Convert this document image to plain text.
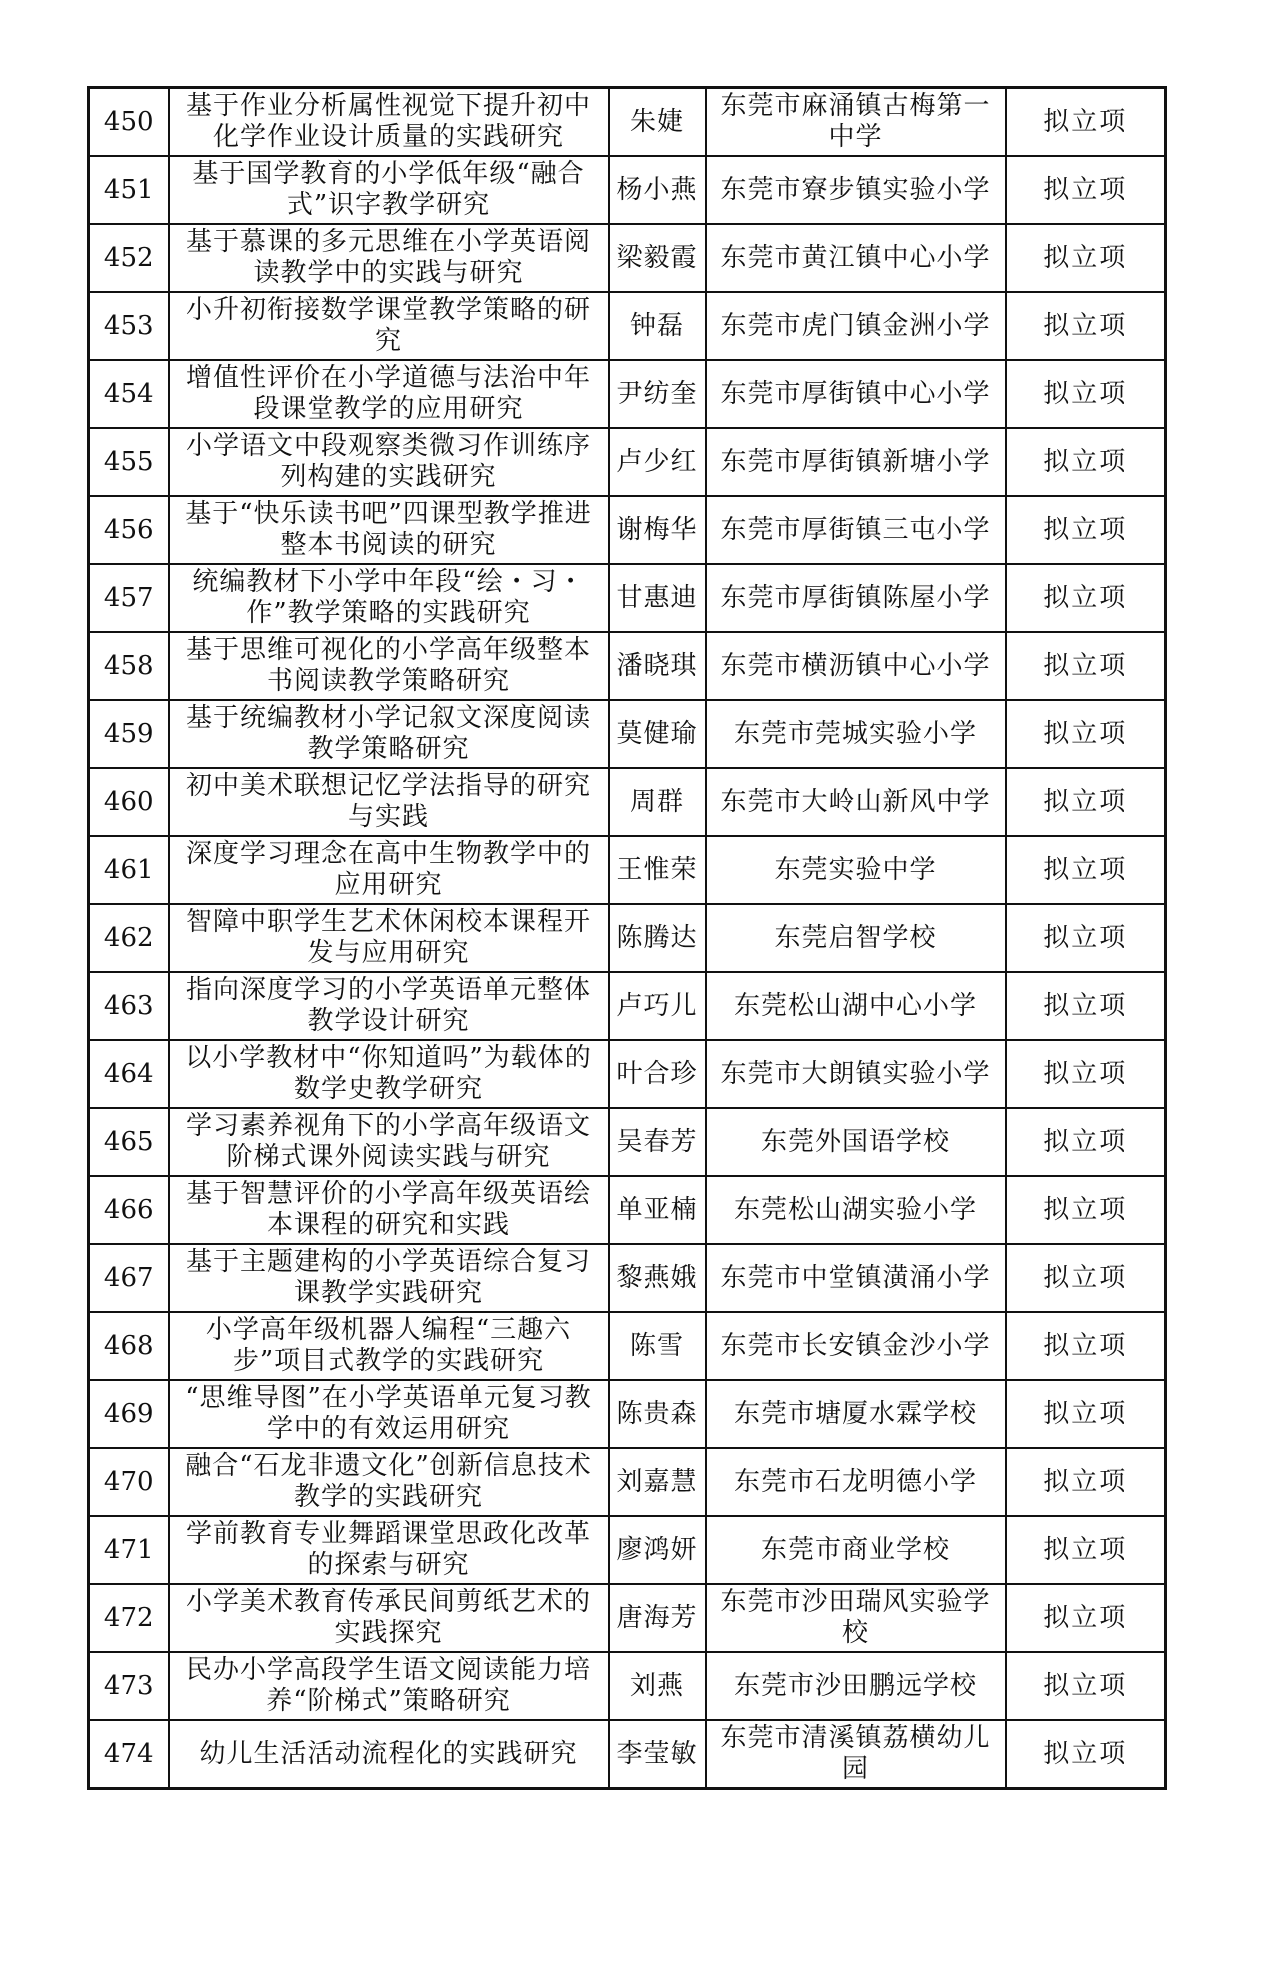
450	基于作业分析属性视觉下提升初中化学作业设计质量的实践研究	朱婕	东莞市麻涌镇古梅第一中学	拟立项
451	基于国学教育的小学低年级“融合式”识字教学研究	杨小燕	东莞市寮步镇实验小学	拟立项
452	基于慕课的多元思维在小学英语阅读教学中的实践与研究	梁毅霞	东莞市黄江镇中心小学	拟立项
453	小升初衔接数学课堂教学策略的研究	钟磊	东莞市虎门镇金洲小学	拟立项
454	增值性评价在小学道德与法治中年段课堂教学的应用研究	尹纺奎	东莞市厚街镇中心小学	拟立项
455	小学语文中段观察类微习作训练序列构建的实践研究	卢少红	东莞市厚街镇新塘小学	拟立项
456	基于“快乐读书吧”四课型教学推进整本书阅读的研究	谢梅华	东莞市厚街镇三屯小学	拟立项
457	统编教材下小学中年段“绘・习・作”教学策略的实践研究	甘惠迪	东莞市厚街镇陈屋小学	拟立项
458	基于思维可视化的小学高年级整本书阅读教学策略研究	潘晓琪	东莞市横沥镇中心小学	拟立项
459	基于统编教材小学记叙文深度阅读教学策略研究	莫健瑜	东莞市莞城实验小学	拟立项
460	初中美术联想记忆学法指导的研究与实践	周群	东莞市大岭山新风中学	拟立项
461	深度学习理念在高中生物教学中的应用研究	王惟荣	东莞实验中学	拟立项
462	智障中职学生艺术休闲校本课程开发与应用研究	陈腾达	东莞启智学校	拟立项
463	指向深度学习的小学英语单元整体教学设计研究	卢巧儿	东莞松山湖中心小学	拟立项
464	以小学教材中“你知道吗”为载体的数学史教学研究	叶合珍	东莞市大朗镇实验小学	拟立项
465	学习素养视角下的小学高年级语文阶梯式课外阅读实践与研究	吴春芳	东莞外国语学校	拟立项
466	基于智慧评价的小学高年级英语绘本课程的研究和实践	单亚楠	东莞松山湖实验小学	拟立项
467	基于主题建构的小学英语综合复习课教学实践研究	黎燕娥	东莞市中堂镇潢涌小学	拟立项
468	小学高年级机器人编程“三趣六步”项目式教学的实践研究	陈雪	东莞市长安镇金沙小学	拟立项
469	“思维导图”在小学英语单元复习教学中的有效运用研究	陈贵森	东莞市塘厦水霖学校	拟立项
470	融合“石龙非遗文化”创新信息技术教学的实践研究	刘嘉慧	东莞市石龙明德小学	拟立项
471	学前教育专业舞蹈课堂思政化改革的探索与研究	廖鸿妍	东莞市商业学校	拟立项
472	小学美术教育传承民间剪纸艺术的实践探究	唐海芳	东莞市沙田瑞风实验学校	拟立项
473	民办小学高段学生语文阅读能力培养“阶梯式”策略研究	刘燕	东莞市沙田鹏远学校	拟立项
474	幼儿生活活动流程化的实践研究	李莹敏	东莞市清溪镇荔横幼儿园	拟立项
